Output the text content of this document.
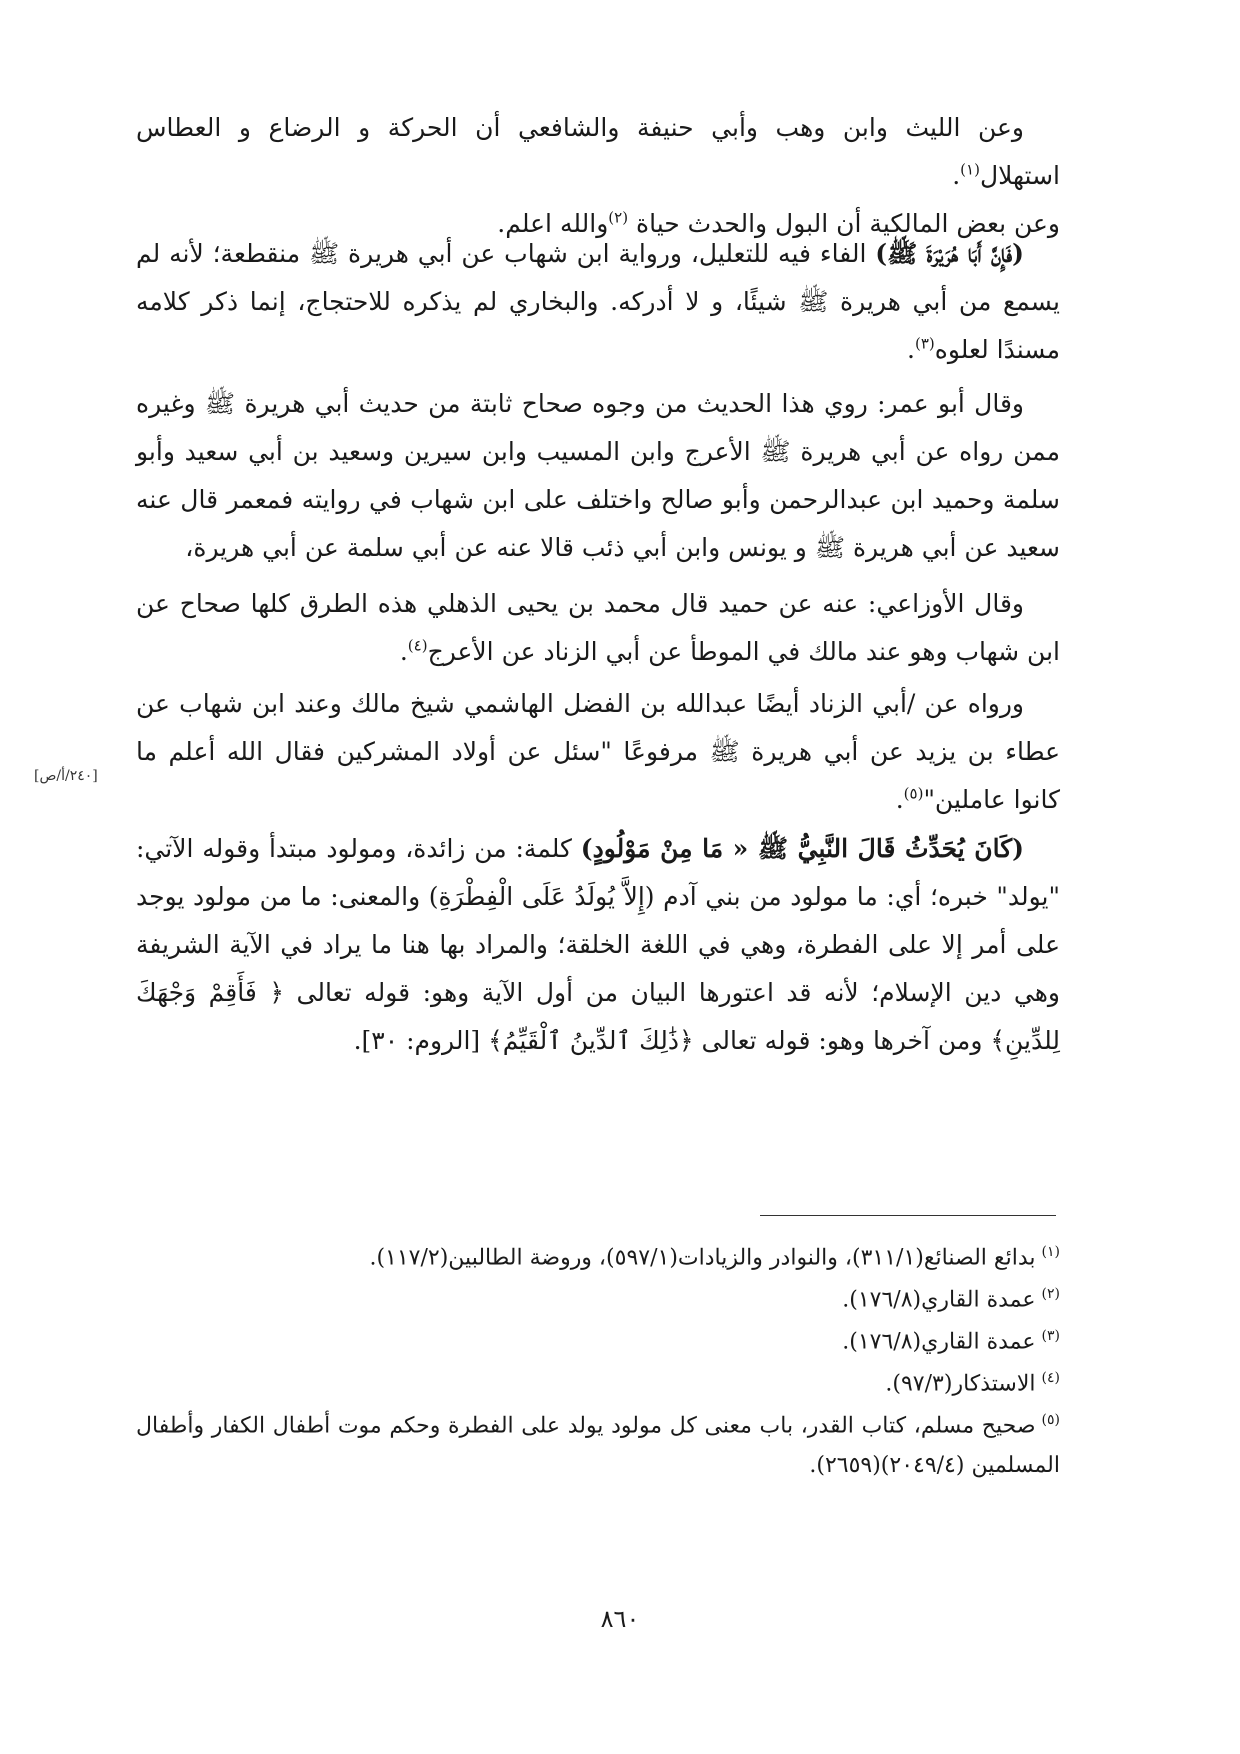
وعن الليث وابن وهب وأبي حنيفة والشافعي أن الحركة و الرضاع و العطاس استهلال$^{(١)}$.

وعن بعض المالكية أن البول والحدث حياة $^{(٢)}$والله اعلم.

(فَإِنَّ أَبَا هُرَيْرَةَ ﷺ) الفاء فيه للتعليل، ورواية ابن شهاب عن أبي هريرة ﷺ منقطعة؛ لأنه لم يسمع من أبي هريرة ﷺ شيئًا، و لا أدركه. والبخاري لم يذكره للاحتجاج، إنما ذكر كلامه مسندًا لعلوه$^{(٣)}$.

وقال أبو عمر: روي هذا الحديث من وجوه صحاح ثابتة من حديث أبي هريرة ﷺ وغيره ممن رواه عن أبي هريرة ﷺ الأعرج وابن المسيب وابن سيرين وسعيد بن أبي سعيد وأبو سلمة وحميد ابن عبدالرحمن وأبو صالح واختلف على ابن شهاب في روايته فمعمر قال عنه سعيد عن أبي هريرة ﷺ و يونس وابن أبي ذئب قالا عنه عن أبي سلمة عن أبي هريرة،

وقال الأوزاعي: عنه عن حميد قال محمد بن يحيى الذهلي هذه الطرق كلها صحاح عن ابن شهاب وهو عند مالك في الموطأ عن أبي الزناد عن الأعرج$^{(٤)}$.

ورواه عن /أبي الزناد أيضًا عبدالله بن الفضل الهاشمي شيخ مالك وعند ابن شهاب عن عطاء بن يزيد عن أبي هريرة ﷺ مرفوعًا "سئل عن أولاد المشركين فقال الله أعلم ما كانوا عاملين"$^{(٥)}$.

[٢٤٠/أ/ص]

(كَانَ يُحَدِّثُ قَالَ النَّبِيُّ ﷺ « مَا مِنْ مَوْلُودٍ) كلمة: من زائدة، ومولود مبتدأ وقوله الآتي: "يولد" خبره؛ أي: ما مولود من بني آدم (إِلاَّ يُولَدُ عَلَى الْفِطْرَةِ) والمعنى: ما من مولود يوجد على أمر إلا على الفطرة، وهي في اللغة الخلقة؛ والمراد بها هنا ما يراد في الآية الشريفة وهي دين الإسلام؛ لأنه قد اعتورها البيان من أول الآية وهو: قوله تعالى ﴿ فَأَقِمْ وَجْهَكَ لِلدِّينِ﴾ ومن آخرها وهو: قوله تعالى ﴿ذَٰلِكَ ٱلدِّينُ ٱلْقَيِّمُ﴾ [الروم: ٣٠].

$^{(١)}$بدائع الصنائع(٣١١/١)، والنوادر والزيادات(٥٩٧/١)، وروضة الطالبين(١١٧/٢).
$^{(٢)}$عمدة القاري(١٧٦/٨).
$^{(٣)}$عمدة القاري(١٧٦/٨).
$^{(٤)}$الاستذكار(٩٧/٣).
$^{(٥)}$صحيح مسلم، كتاب القدر، باب معنى كل مولود يولد على الفطرة وحكم موت أطفال الكفار وأطفال المسلمين (٢٠٤٩/٤)(٢٦٥٩).
٨٦٠
